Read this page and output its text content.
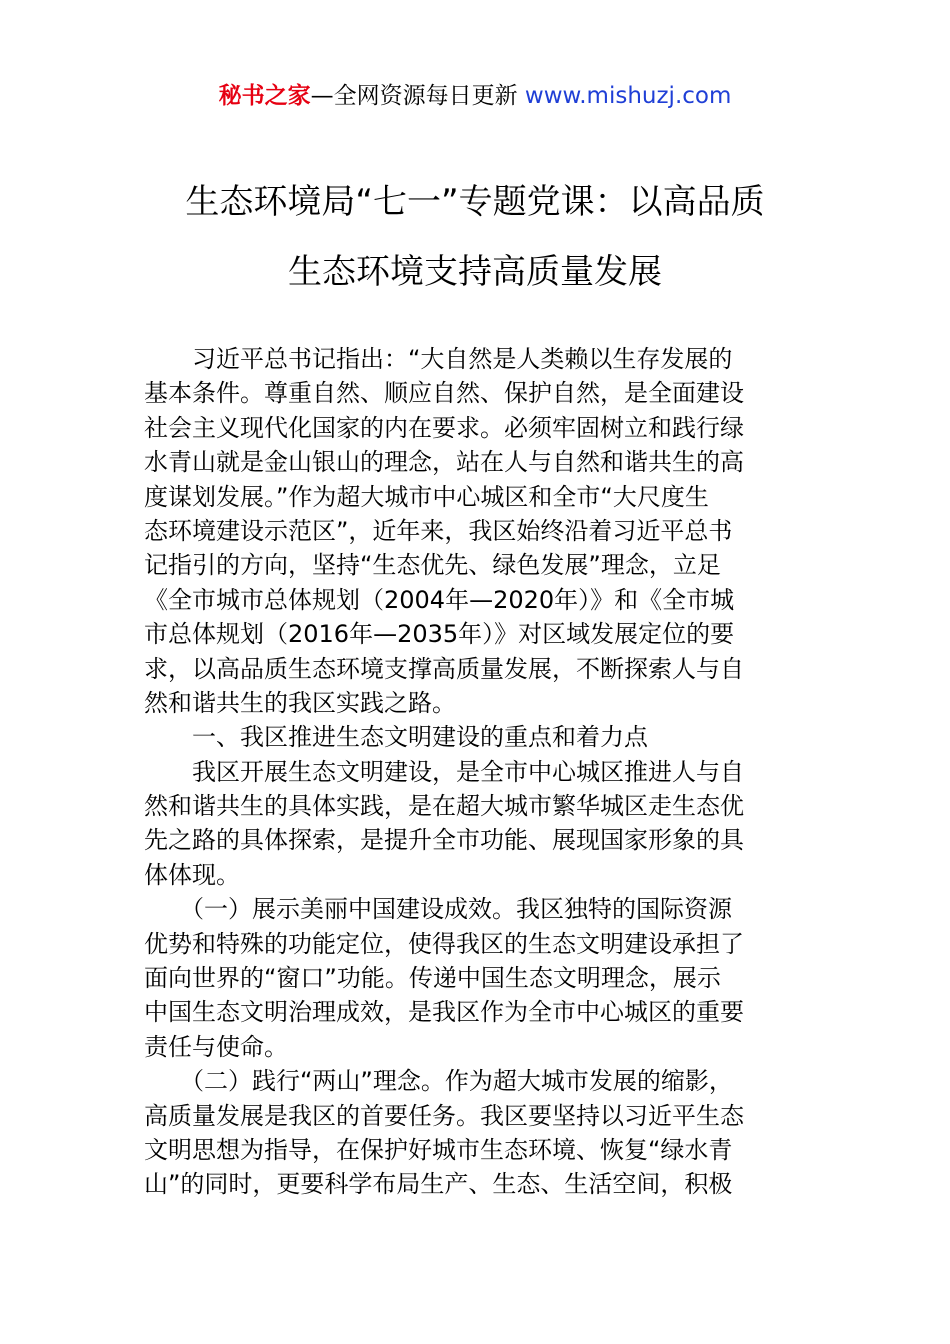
秘书之家—全网资源每日更新 www.mishuzj.com
生态环境局“七一”专题党课：以高品质
生态环境支持高质量发展
　　习近平总书记指出：“大自然是人类赖以生存发展的
基本条件。尊重自然、顺应自然、保护自然，是全面建设
社会主义现代化国家的内在要求。必须牢固树立和践行绿
水青山就是金山银山的理念，站在人与自然和谐共生的高
度谋划发展。”作为超大城市中心城区和全市“大尺度生
态环境建设示范区”，近年来，我区始终沿着习近平总书
记指引的方向，坚持“生态优先、绿色发展”理念，立足
《全市城市总体规划（2004年—2020年）》和《全市城
市总体规划（2016年—2035年）》对区域发展定位的要
求，以高品质生态环境支撑高质量发展，不断探索人与自
然和谐共生的我区实践之路。
　　一、我区推进生态文明建设的重点和着力点
　　我区开展生态文明建设，是全市中心城区推进人与自
然和谐共生的具体实践，是在超大城市繁华城区走生态优
先之路的具体探索，是提升全市功能、展现国家形象的具
体体现。
　　（一）展示美丽中国建设成效。我区独特的国际资源
优势和特殊的功能定位，使得我区的生态文明建设承担了
面向世界的“窗口”功能。传递中国生态文明理念，展示
中国生态文明治理成效，是我区作为全市中心城区的重要
责任与使命。
　　（二）践行“两山”理念。作为超大城市发展的缩影，
高质量发展是我区的首要任务。我区要坚持以习近平生态
文明思想为指导，在保护好城市生态环境、恢复“绿水青
山”的同时，更要科学布局生产、生态、生活空间，积极
